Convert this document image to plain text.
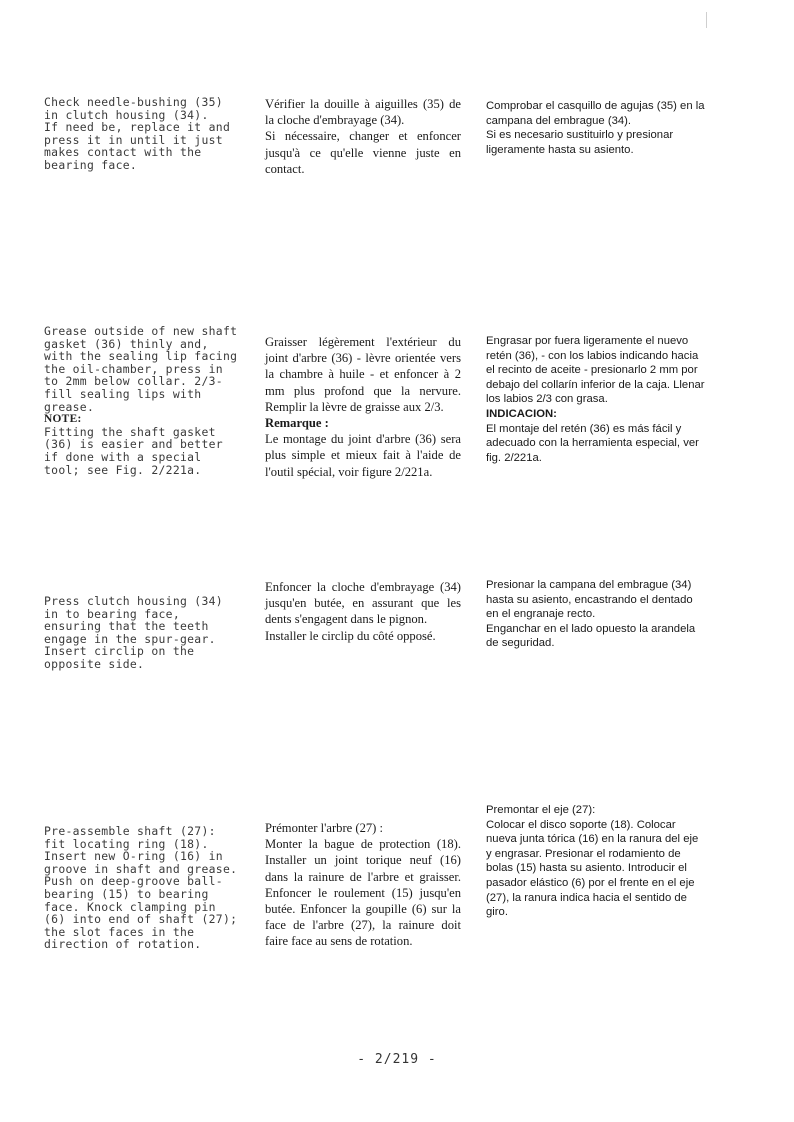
Check needle-bushing (35)
in clutch housing (34).
If need be, replace it and
press it in until it just
makes contact with the
bearing face.

Vérifier la douille à aiguilles (35) de la cloche d'embrayage (34).

Si nécessaire, changer et enfoncer jusqu'à ce qu'elle vienne juste en contact.

Comprobar el casquillo de agujas (35) en la campana del embrague (34).

Si es necesario sustituirlo y presionar ligeramente hasta su asiento.

Grease outside of new shaft
gasket (36) thinly and,
with the sealing lip facing
the oil-chamber, press in
to 2mm below collar. 2/3-
fill sealing lips with
grease.
NOTE:
Fitting the shaft gasket
(36) is easier and better
if done with a special
tool; see Fig. 2/221a.

Graisser légèrement l'extérieur du joint d'arbre (36) - lèvre orientée vers la chambre à huile - et enfoncer à 2 mm plus profond que la nervure. Remplir la lèvre de graisse aux 2/3.

Remarque :

Le montage du joint d'arbre (36) sera plus simple et mieux fait à l'aide de l'outil spécial, voir figure 2/221a.

Engrasar por fuera ligeramente el nuevo retén (36), - con los labios indicando hacia el recinto de aceite - presionarlo 2 mm por debajo del collarín inferior de la caja. Llenar los labios 2/3 con grasa.

INDICACION:

El montaje del retén (36) es más fácil y adecuado con la herramienta especial, ver fig. 2/221a.

Press clutch housing (34)
in to bearing face,
ensuring that the teeth
engage in the spur-gear.
Insert circlip on the
opposite side.

Enfoncer la cloche d'embrayage (34) jusqu'en butée, en assurant que les dents s'engagent dans le pignon.

Installer le circlip du côté opposé.

Presionar la campana del embrague (34) hasta su asiento, encastrando el dentado en el engranaje recto.

Enganchar en el lado opuesto la arandela de seguridad.

Pre-assemble shaft (27):
fit locating ring (18).
Insert new O-ring (16) in
groove in shaft and grease.
Push on deep-groove ball-
bearing (15) to bearing
face. Knock clamping pin
(6) into end of shaft (27);
the slot faces in the
direction of rotation.

Prémonter l'arbre (27) :

Monter la bague de protection (18). Installer un joint torique neuf (16) dans la rainure de l'arbre et graisser. Enfoncer le roulement (15) jusqu'en butée. Enfoncer la goupille (6) sur la face de l'arbre (27), la rainure doit faire face au sens de rotation.

Premontar el eje (27):

Colocar el disco soporte (18). Colocar nueva junta tórica (16) en la ranura del eje y engrasar. Presionar el rodamiento de bolas (15) hasta su asiento. Introducir el pasador elástico (6) por el frente en el eje (27), la ranura indica hacia el sentido de giro.

- 2/219 -
